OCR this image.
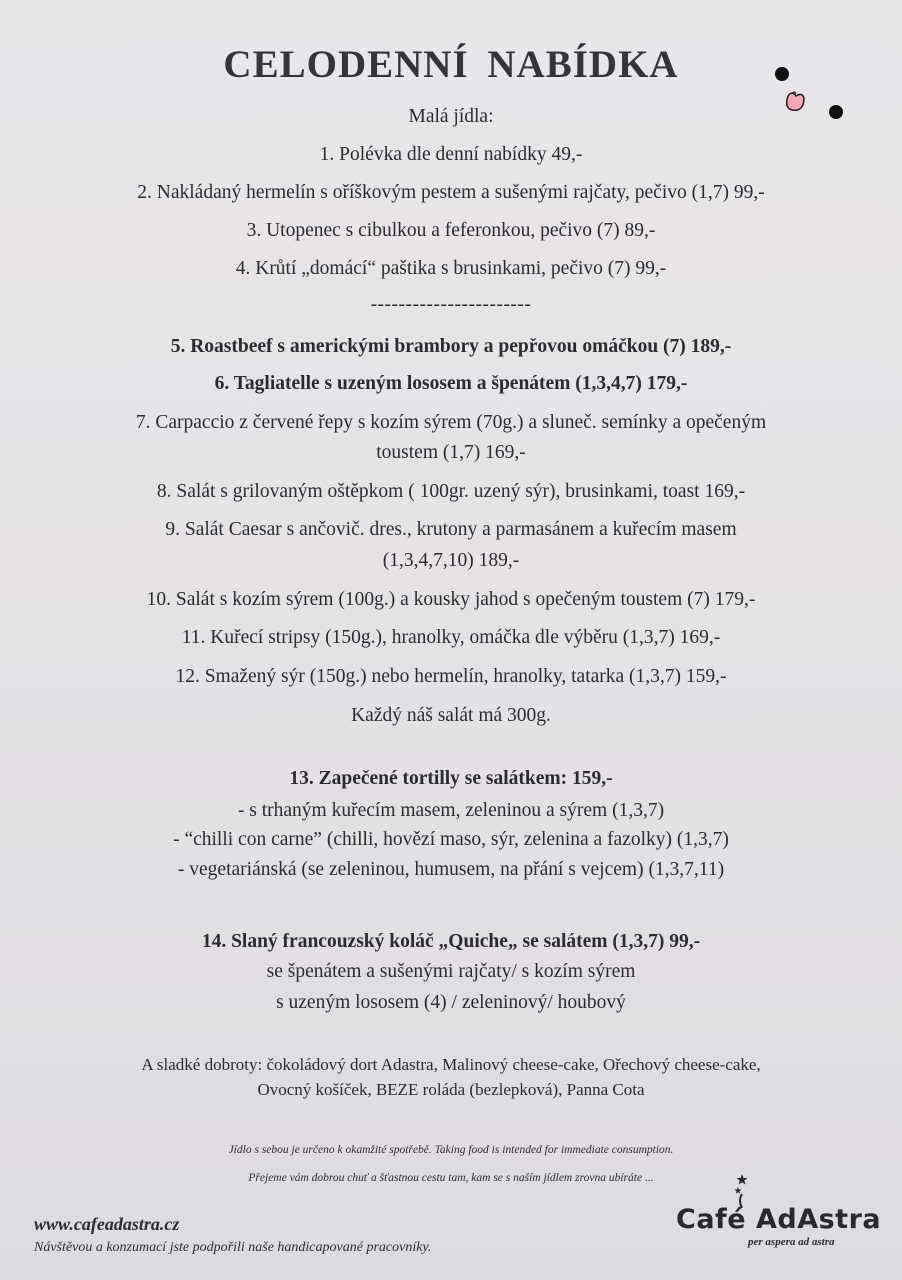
CELODENNÍ NABÍDKA
Malá jídla:
1. Polévka dle denní nabídky 49,-
2. Nakládaný hermelín s oříškovým pestem a sušenými rajčaty, pečivo (1,7) 99,-
3. Utopenec s cibulkou a feferonkou, pečivo (7) 89,-
4. Krůtí „domácí“ paštika s brusinkami, pečivo (7) 99,-
-----------------------
5. Roastbeef s americkými brambory a pepřovou omáčkou (7) 189,-
6. Tagliatelle s uzeným lososem a špenátem (1,3,4,7) 179,-
7. Carpaccio z červené řepy s kozím sýrem (70g.) a sluneč. semínky a opečeným
toustem (1,7) 169,-
8. Salát s grilovaným oštěpkom ( 100gr. uzený sýr), brusinkami, toast 169,-
9. Salát Caesar s ančovič. dres., krutony a parmasánem a kuřecím masem
(1,3,4,7,10) 189,-
10. Salát s kozím sýrem (100g.) a kousky jahod s opečeným toustem (7) 179,-
11. Kuřecí stripsy (150g.), hranolky, omáčka dle výběru (1,3,7) 169,-
12. Smažený sýr (150g.) nebo hermelín, hranolky, tatarka (1,3,7) 159,-
Každý náš salát má 300g.
13. Zapečené tortilly se salátkem: 159,-
- s trhaným kuřecím masem, zeleninou a sýrem (1,3,7)
- “chilli con carne” (chilli, hovězí maso, sýr, zelenina a fazolky) (1,3,7)
- vegetariánská (se zeleninou, humusem, na přání s vejcem) (1,3,7,11)
14. Slaný francouzský koláč „Quiche„ se salátem (1,3,7) 99,-
se špenátem a sušenými rajčaty/ s kozím sýrem
s uzeným lososem (4) / zeleninový/ houbový
A sladké dobroty: čokoládový dort Adastra, Malinový cheese-cake, Ořechový cheese-cake,
Ovocný košíček, BEZE roláda (bezlepková), Panna Cota
Jídlo s sebou je určeno k okamžité spotřebě. Taking food is intended for immediate consumption.
Přejeme vám dobrou chuť a šťastnou cestu tam, kam se s naším jídlem zrovna ubíráte ...
www.cafeadastra.cz
Návštěvou a konzumací jste podpořili naše handicapované pracovníky.
Café AdAstra
per aspera ad astra
